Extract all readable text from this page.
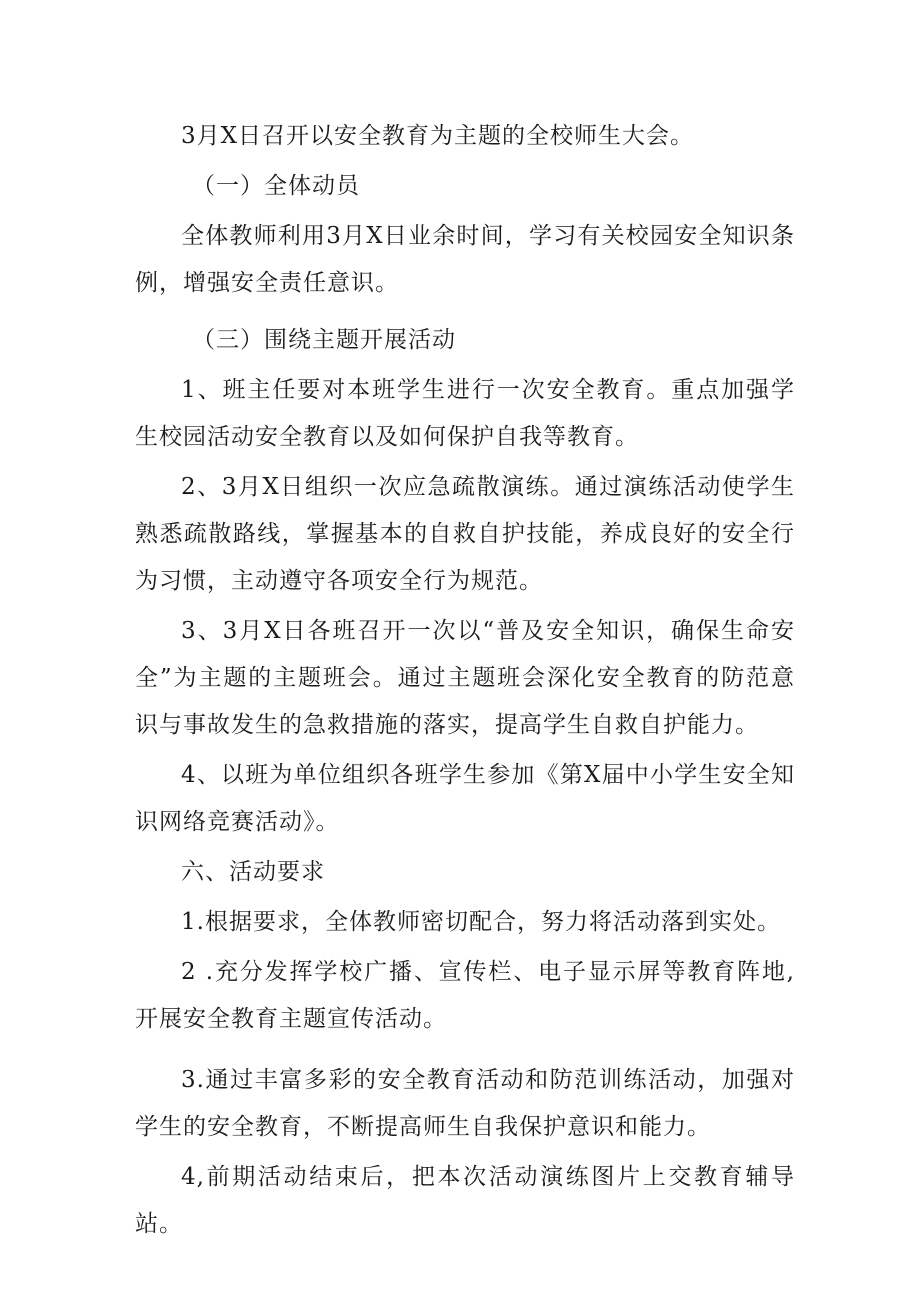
3月X日召开以安全教育为主题的全校师生大会。

（一）全体动员

全体教师利用3月X日业余时间，学习有关校园安全知识条例，增强安全责任意识。

（三）围绕主题开展活动

1、班主任要对本班学生进行一次安全教育。重点加强学生校园活动安全教育以及如何保护自我等教育。

2、3月X日组织一次应急疏散演练。通过演练活动使学生熟悉疏散路线，掌握基本的自救自护技能，养成良好的安全行为习惯，主动遵守各项安全行为规范。

3、3月X日各班召开一次以“普及安全知识，确保生命安全”为主题的主题班会。通过主题班会深化安全教育的防范意识与事故发生的急救措施的落实，提高学生自救自护能力。

4、以班为单位组织各班学生参加《第X届中小学生安全知识网络竞赛活动》。

六、活动要求

1.根据要求，全体教师密切配合，努力将活动落到实处。

2 .充分发挥学校广播、宣传栏、电子显示屏等教育阵地,开展安全教育主题宣传活动。

3.通过丰富多彩的安全教育活动和防范训练活动，加强对学生的安全教育，不断提高师生自我保护意识和能力。

4,前期活动结束后，把本次活动演练图片上交教育辅导站。
